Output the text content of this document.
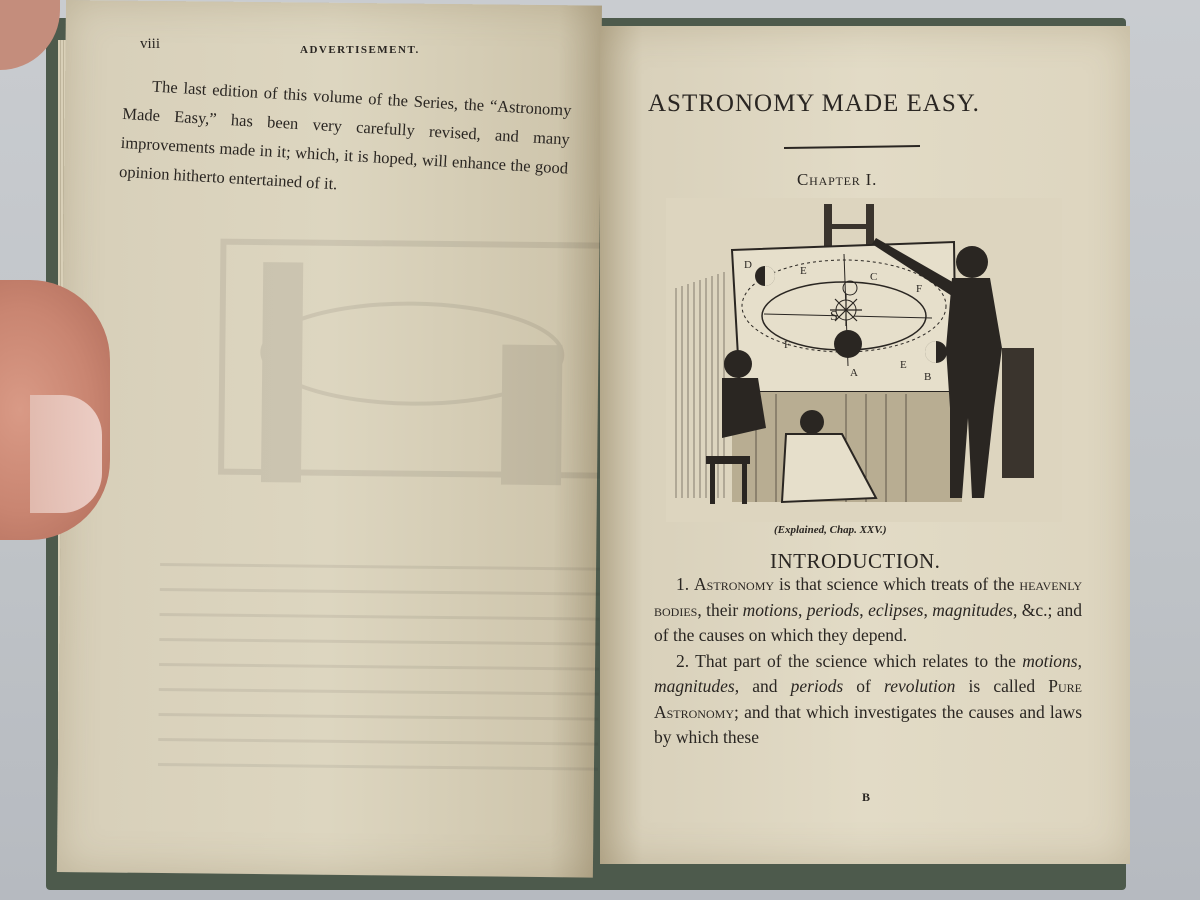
viii	ADVERTISEMENT.

The last edition of this volume of the Series, the “Astronomy Made Easy,” has been very carefully revised, and many improvements made in it; which, it is hoped, will enhance the good opinion hitherto entertained of it.

ASTRONOMY MADE EASY.
Chapter I.
D	E	C
F
S
F
A
E
B
(Explained, Chap. XXV.)
INTRODUCTION.

1. Astronomy is that science which treats of the heavenly bodies, their motions, periods, eclipses, magnitudes, &c.; and of the causes on which they depend.

2. That part of the science which relates to the motions, magnitudes, and periods of revolution is called Pure Astronomy; and that which investigates the causes and laws by which these

B
